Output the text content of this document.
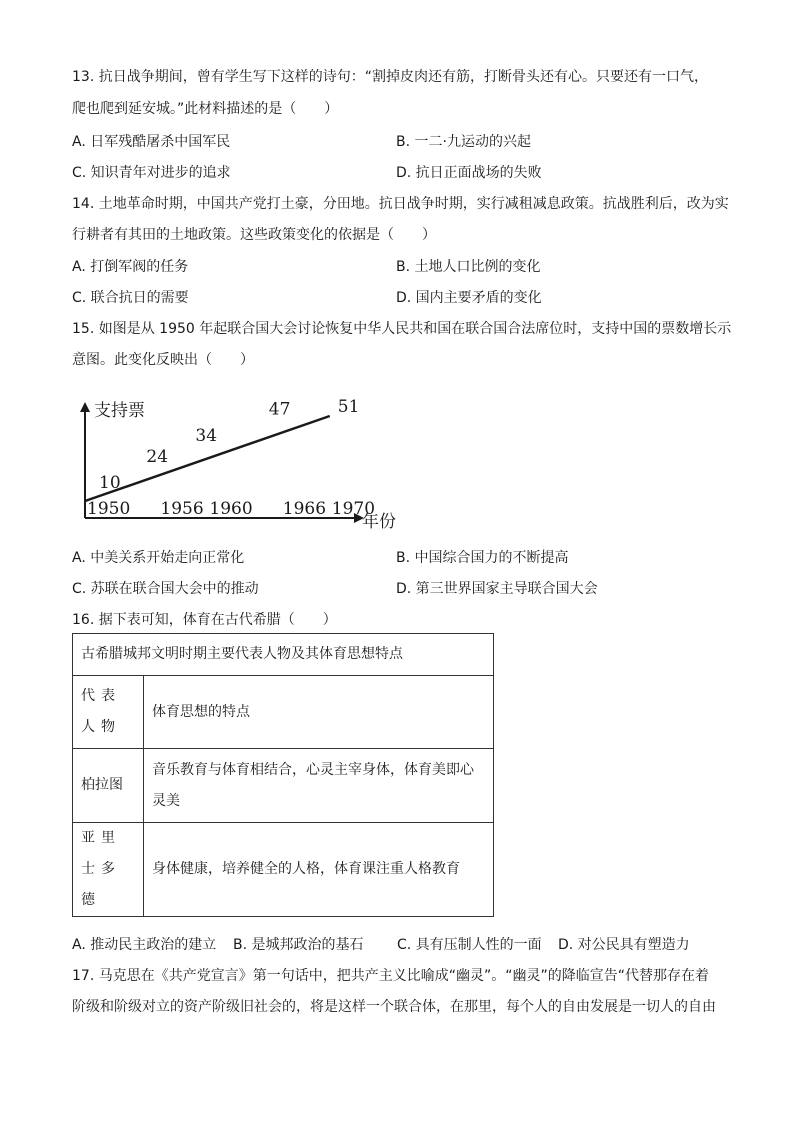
13. 抗日战争期间，曾有学生写下这样的诗句：“割掉皮肉还有筋，打断骨头还有心。只要还有一口气，
爬也爬到延安城。”此材料描述的是（　　）
A. 日军残酷屠杀中国军民	B. 一二·九运动的兴起
C. 知识青年对进步的追求	D. 抗日正面战场的失败
14. 土地革命时期，中国共产党打土豪，分田地。抗日战争时期，实行减租减息政策。抗战胜利后，改为实
行耕者有其田的土地政策。这些政策变化的依据是（　　）
A. 打倒军阀的任务	B. 土地人口比例的变化
C. 联合抗日的需要	D. 国内主要矛盾的变化
15. 如图是从 1950 年起联合国大会讨论恢复中华人民共和国在联合国合法席位时，支持中国的票数增长示
意图。此变化反映出（　　）
支持票
年份
10
24
34
47	51
1950 1956 1960 1966 1970
A. 中美关系开始走向正常化	B. 中国综合国力的不断提高
C. 苏联在联合国大会中的推动	D. 第三世界国家主导联合国大会
16. 据下表可知，体育在古代希腊（　　）
古希腊城邦文明时期主要代表人物及其体育思想特点	

代表人物	体育思想的特点
柏拉图	音乐教育与体育相结合，心灵主宰身体，体育美即心灵美

亚里士多德	身体健康，培养健全的人格，体育课注重人格教育
A. 推动民主政治的建立 B. 是城邦政治的基石 C. 具有压制人性的一面 D. 对公民具有塑造力
17. 马克思在《共产党宣言》第一句话中，把共产主义比喻成“幽灵”。“幽灵”的降临宣告“代替那存在着
阶级和阶级对立的资产阶级旧社会的，将是这样一个联合体，在那里，每个人的自由发展是一切人的自由
